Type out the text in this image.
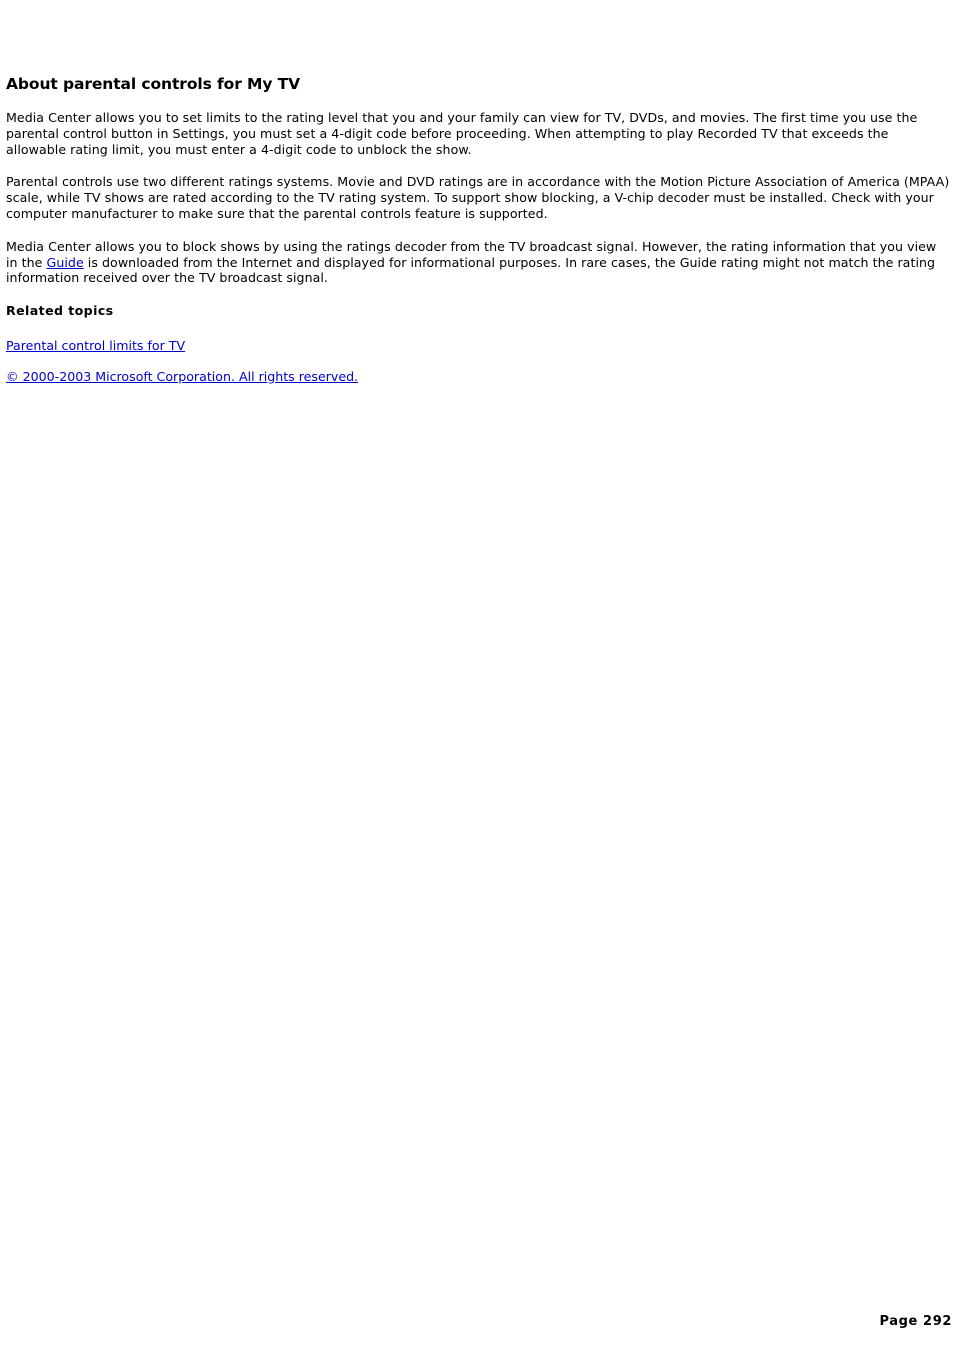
About parental controls for My TV

Media Center allows you to set limits to the rating level that you and your family can view for TV, DVDs, and movies. The first time you use the parental control button in Settings, you must set a 4-digit code before proceeding. When attempting to play Recorded TV that exceeds the allowable rating limit, you must enter a 4-digit code to unblock the show.

Parental controls use two different ratings systems. Movie and DVD ratings are in accordance with the Motion Picture Association of America (MPAA) scale, while TV shows are rated according to the TV rating system. To support show blocking, a V-chip decoder must be installed. Check with your computer manufacturer to make sure that the parental controls feature is supported.

Media Center allows you to block shows by using the ratings decoder from the TV broadcast signal. However, the rating information that you view in the Guide is downloaded from the Internet and displayed for informational purposes. In rare cases, the Guide rating might not match the rating information received over the TV broadcast signal.

Related topics
Parental control limits for TV
© 2000-2003 Microsoft Corporation. All rights reserved.
Page 292
